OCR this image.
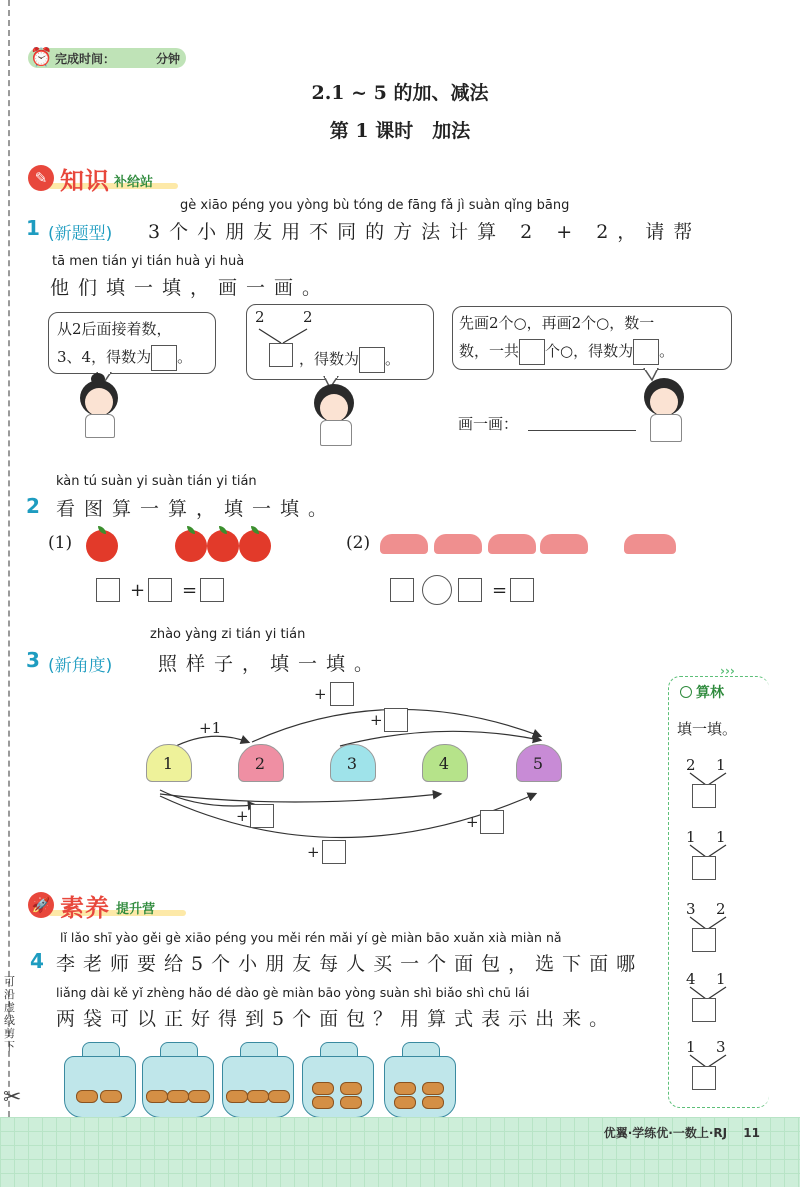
可沿虚线剪下
✂
⏰ 完成时间：	分钟
2.1 ~ 5 的加、减法
第 1 课时　加法
✎ 知识 补给站
gè xiāo péng you yòng bù tóng de fāng fǎ jì suàn qǐng bāng
1 (新题型) 3个小朋友用不同的方法计算 2 + 2，请帮
tā men tián yi tián huà yi huà
他们填一填，画一画。
从2后面接着数，
3、4，得数为 。
2	2
，得数为 。
先画2个○，再画2个○，数一
数，一共 个○，得数为 。
画一画：
kàn tú suàn yi suàn tián yi tián
2 看图算一算，填一填。
(1)
+ =
(2)
=
zhào yàng zi tián yi tián
3 (新角度) 照样子，填一填。
+1
+
+
+	+
+
1	2	3	4	5
›››
算林
填一填。
2 1
1 1
3 2
4 1
1 3
🚀 素养 提升营
lǐ lǎo shī yào gěi gè xiāo péng you měi rén mǎi yí gè miàn bāo xuǎn xià miàn nǎ
4 李老师要给5个小朋友每人买一个面包，选下面哪
liǎng dài kě yǐ zhèng hǎo dé dào gè miàn bāo yòng suàn shì biǎo shì chū lái
两袋可以正好得到5个面包？用算式表示出来。
优翼·学练优·一数上·RJ　 11
